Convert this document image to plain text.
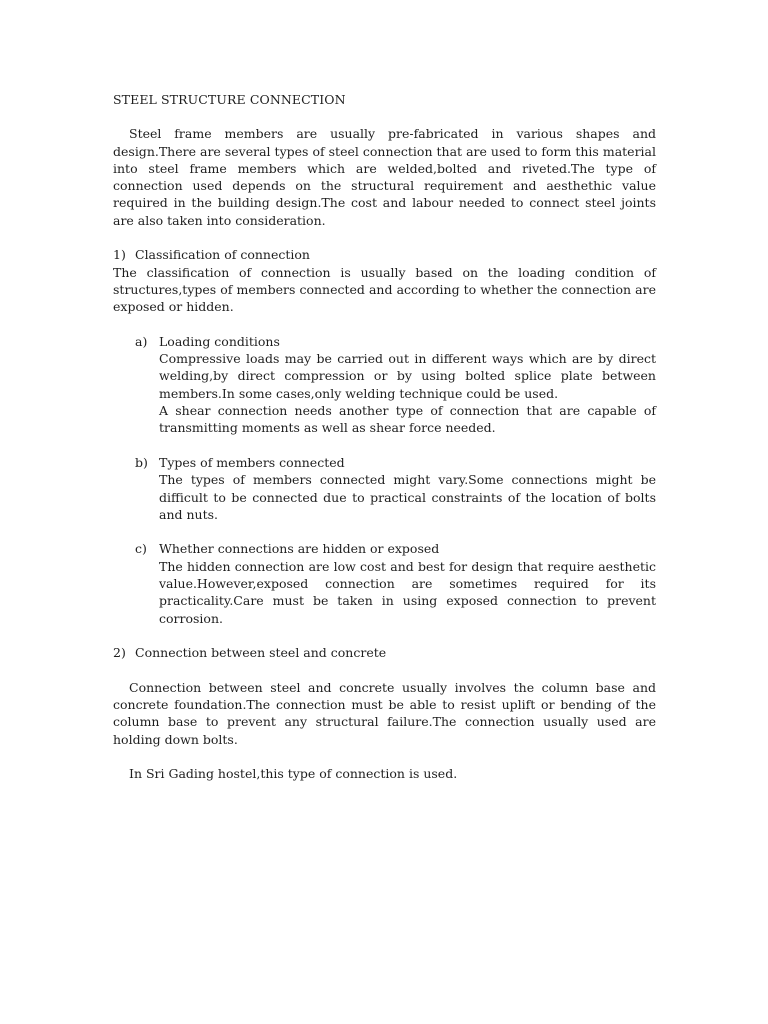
STEEL STRUCTURE CONNECTION

Steel frame members are usually pre-fabricated in various shapes and design.There are several types of steel connection that are used to form this material into steel frame members which are welded,bolted and riveted.The type of connection used depends on the structural requirement and aesthethic value required in the building design.The cost and labour needed to connect steel joints are also taken into consideration.

1) Classification of connection

The classification of connection is usually based on the loading condition of structures,types of members connected and according to whether the connection are exposed or hidden.

a) Loading conditions

Compressive loads may be carried out in different ways which are by direct welding,by direct compression or by using bolted splice plate between members.In some cases,only welding technique could be used.

A shear connection needs another type of connection that are capable of transmitting moments as well as shear force needed.

b) Types of members connected

The types of members connected might vary.Some connections might be difficult to be connected due to practical constraints of the location of bolts and nuts.

c) Whether connections are hidden or exposed

The hidden connection are low cost and best for design that require aesthetic value.However,exposed connection are sometimes required for its practicality.Care must be taken in using exposed connection to prevent corrosion.

2) Connection between steel and concrete

Connection between steel and concrete usually involves the column base and concrete foundation.The connection must be able to resist uplift or bending of the column base to prevent any structural failure.The connection usually used are holding down bolts.

In Sri Gading hostel,this type of connection is used.
